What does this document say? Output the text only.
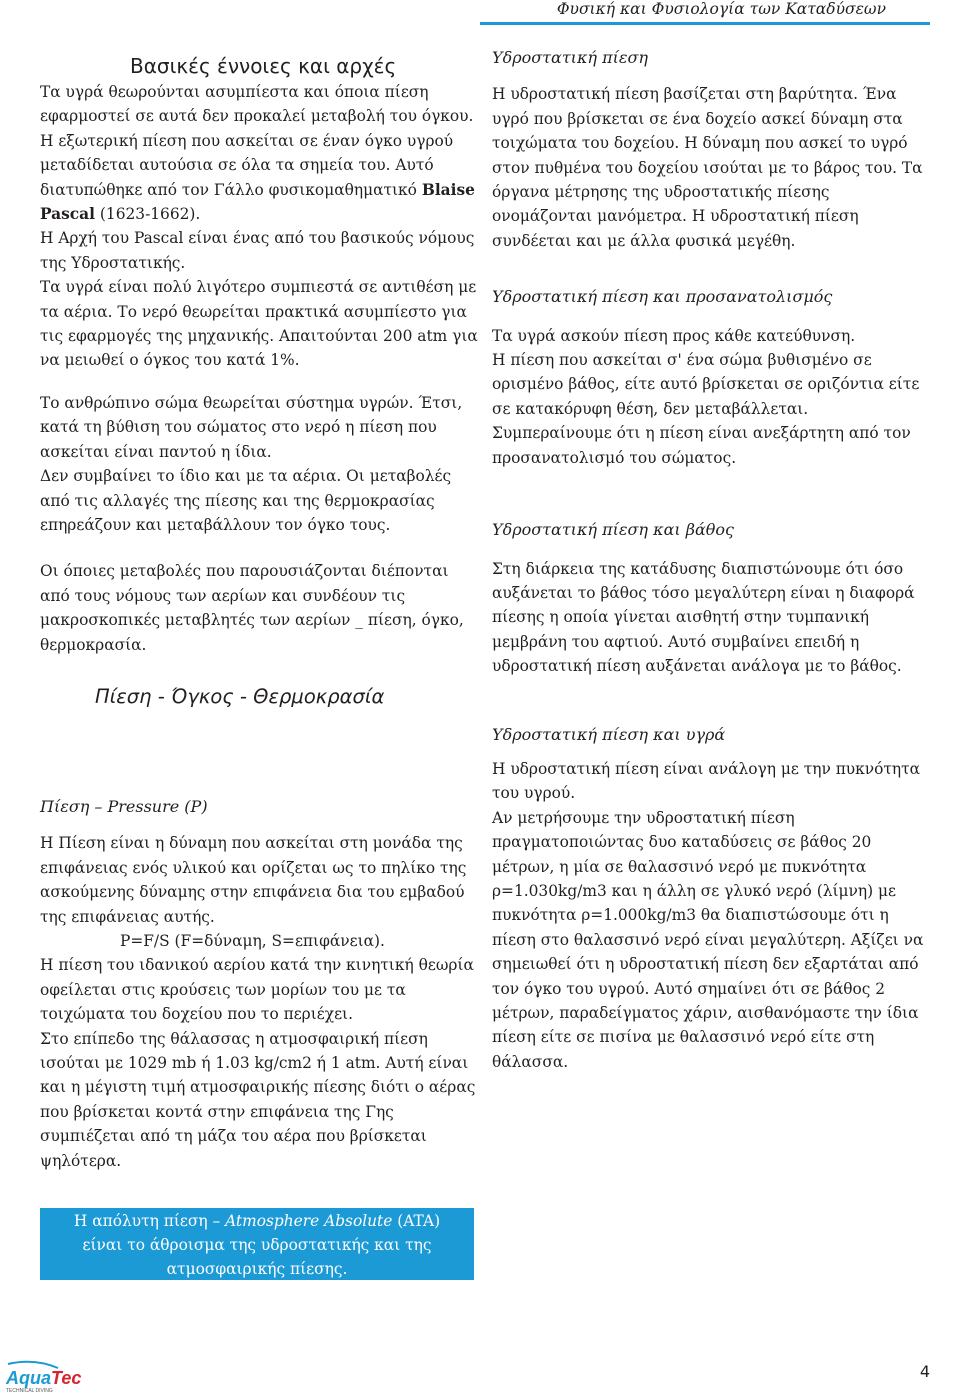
Φυσική και Φυσιολογία των Καταδύσεων
Βασικές έννοιες και αρχές

Τα υγρά θεωρούνται ασυμπίεστα και όποια πίεση εφαρμοστεί σε αυτά δεν προκαλεί μεταβολή του όγκου. Η εξωτερική πίεση που ασκείται σε έναν όγκο υγρού μεταδίδεται αυτούσια σε όλα τα σημεία του. Αυτό διατυπώθηκε από τον Γάλλο φυσικομαθηματικό Blaise Pascal (1623-1662).

Η Αρχή του Pascal είναι ένας από του βασικούς νόμους της Υδροστατικής.

Τα υγρά είναι πολύ λιγότερο συμπιεστά σε αντιθέση με τα αέρια. Το νερό θεωρείται πρακτικά ασυμπίεστο για τις εφαρμογές της μηχανικής. Απαιτούνται 200 atm για να μειωθεί ο όγκος του κατά 1%.

Το ανθρώπινο σώμα θεωρείται σύστημα υγρών. Έτσι, κατά τη βύθιση του σώματος στο νερό η πίεση που ασκείται είναι παντού η ίδια.

Δεν συμβαίνει το ίδιο και με τα αέρια. Οι μεταβολές από τις αλλαγές της πίεσης και της θερμοκρασίας επηρεάζουν και μεταβάλλουν τον όγκο τους.

Οι όποιες μεταβολές που παρουσιάζονται διέπονται από τους νόμους των αερίων και συνδέουν τις μακροσκοπικές μεταβλητές των αερίων _ πίεση, όγκο, θερμοκρασία.

Πίεση - Όγκος - Θερμοκρασία
Πίεση – Pressure (P)

Η Πίεση είναι η δύναμη που ασκείται στη μονάδα της επιφάνειας ενός υλικού και ορίζεται ως το πηλίκο της ασκούμενης δύναμης στην επιφάνεια δια του εμβαδού της επιφάνειας αυτής.

P=F/S (F=δύναμη, S=επιφάνεια).

Η πίεση του ιδανικού αερίου κατά την κινητική θεωρία οφείλεται στις κρούσεις των μορίων του με τα τοιχώματα του δοχείου που το περιέχει.

Στο επίπεδο της θάλασσας η ατμοσφαιρική πίεση ισούται με 1029 mb ή 1.03 kg/cm2 ή 1 atm. Αυτή είναι και η μέγιστη τιμή ατμοσφαιρικής πίεσης διότι ο αέρας που βρίσκεται κοντά στην επιφάνεια της Γης συμπιέζεται από τη μάζα του αέρα που βρίσκεται ψηλότερα.

Η απόλυτη πίεση – Atmosphere Absolute (ATA)

είναι το άθροισμα της υδροστατικής και της

ατμοσφαιρικής πίεσης.

Υδροστατική πίεση

Η υδροστατική πίεση βασίζεται στη βαρύτητα. Ένα υγρό που βρίσκεται σε ένα δοχείο ασκεί δύναμη στα τοιχώματα του δοχείου. Η δύναμη που ασκεί το υγρό στον πυθμένα του δοχείου ισούται με το βάρος του. Τα όργανα μέτρησης της υδροστατικής πίεσης ονομάζονται μανόμετρα. Η υδροστατική πίεση συνδέεται και με άλλα φυσικά μεγέθη.

Υδροστατική πίεση και προσανατολισμός

Τα υγρά ασκούν πίεση προς κάθε κατεύθυνση.

Η πίεση που ασκείται σ' ένα σώμα βυθισμένο σε ορισμένο βάθος, είτε αυτό βρίσκεται σε οριζόντια είτε σε κατακόρυφη θέση, δεν μεταβάλλεται.

Συμπεραίνουμε ότι η πίεση είναι ανεξάρτητη από τον προσανατολισμό του σώματος.

Υδροστατική πίεση και βάθος

Στη διάρκεια της κατάδυσης διαπιστώνουμε ότι όσο αυξάνεται το βάθος τόσο μεγαλύτερη είναι η διαφορά πίεσης η οποία γίνεται αισθητή στην τυμπανική μεμβράνη του αφτιού. Αυτό συμβαίνει επειδή η υδροστατική πίεση αυξάνεται ανάλογα με το βάθος.

Υδροστατική πίεση και υγρά

Η υδροστατική πίεση είναι ανάλογη με την πυκνότητα του υγρού.

Αν μετρήσουμε την υδροστατική πίεση πραγματοποιώντας δυο καταδύσεις σε βάθος 20 μέτρων, η μία σε θαλασσινό νερό με πυκνότητα ρ=1.030kg/m3 και η άλλη σε γλυκό νερό (λίμνη) με πυκνότητα ρ=1.000kg/m3 θα διαπιστώσουμε ότι η πίεση στο θαλασσινό νερό είναι μεγαλύτερη. Αξίζει να σημειωθεί ότι η υδροστατική πίεση δεν εξαρτάται από τον όγκο του υγρού. Αυτό σημαίνει ότι σε βάθος 2 μέτρων, παραδείγματος χάριν, αισθανόμαστε την ίδια πίεση είτε σε πισίνα με θαλασσινό νερό είτε στη θάλασσα.

AquaTec
TECHNICAL DIVING
4
